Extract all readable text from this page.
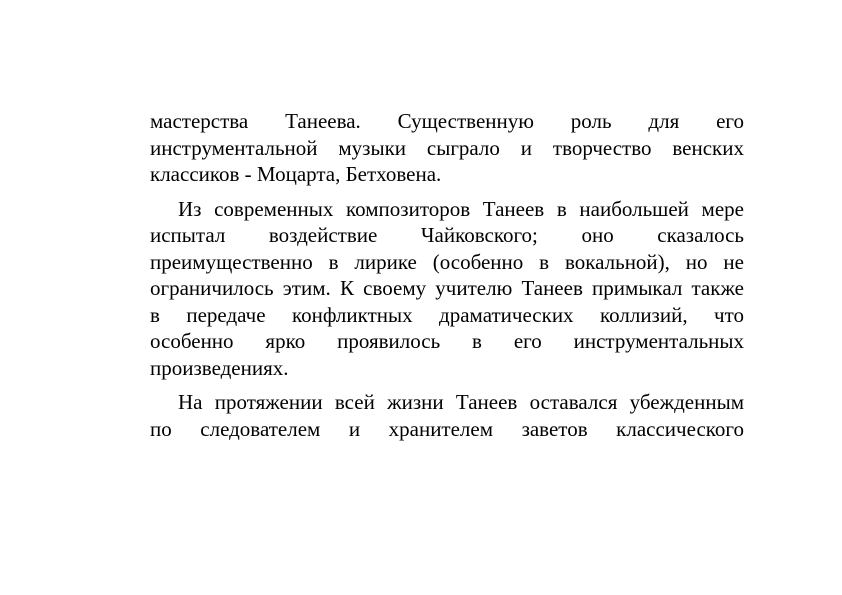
мастерства Танеева. Существенную роль для его
инструментальной музыки сыграло и творчество венских
классиков - Моцарта, Бетховена.
Из современных композиторов Танеев в наибольшей мере
испытал воздействие Чайковского; оно сказалось
преимущественно в лирике (особенно в вокальной), но не
ограничилось этим. К своему учителю Танеев примыкал также
в передаче конфликтных драматических коллизий, что
особенно ярко проявилось в его инструментальных
произведениях.
На протяжении всей жизни Танеев оставался убежденным
по следователем и хранителем заветов классического
